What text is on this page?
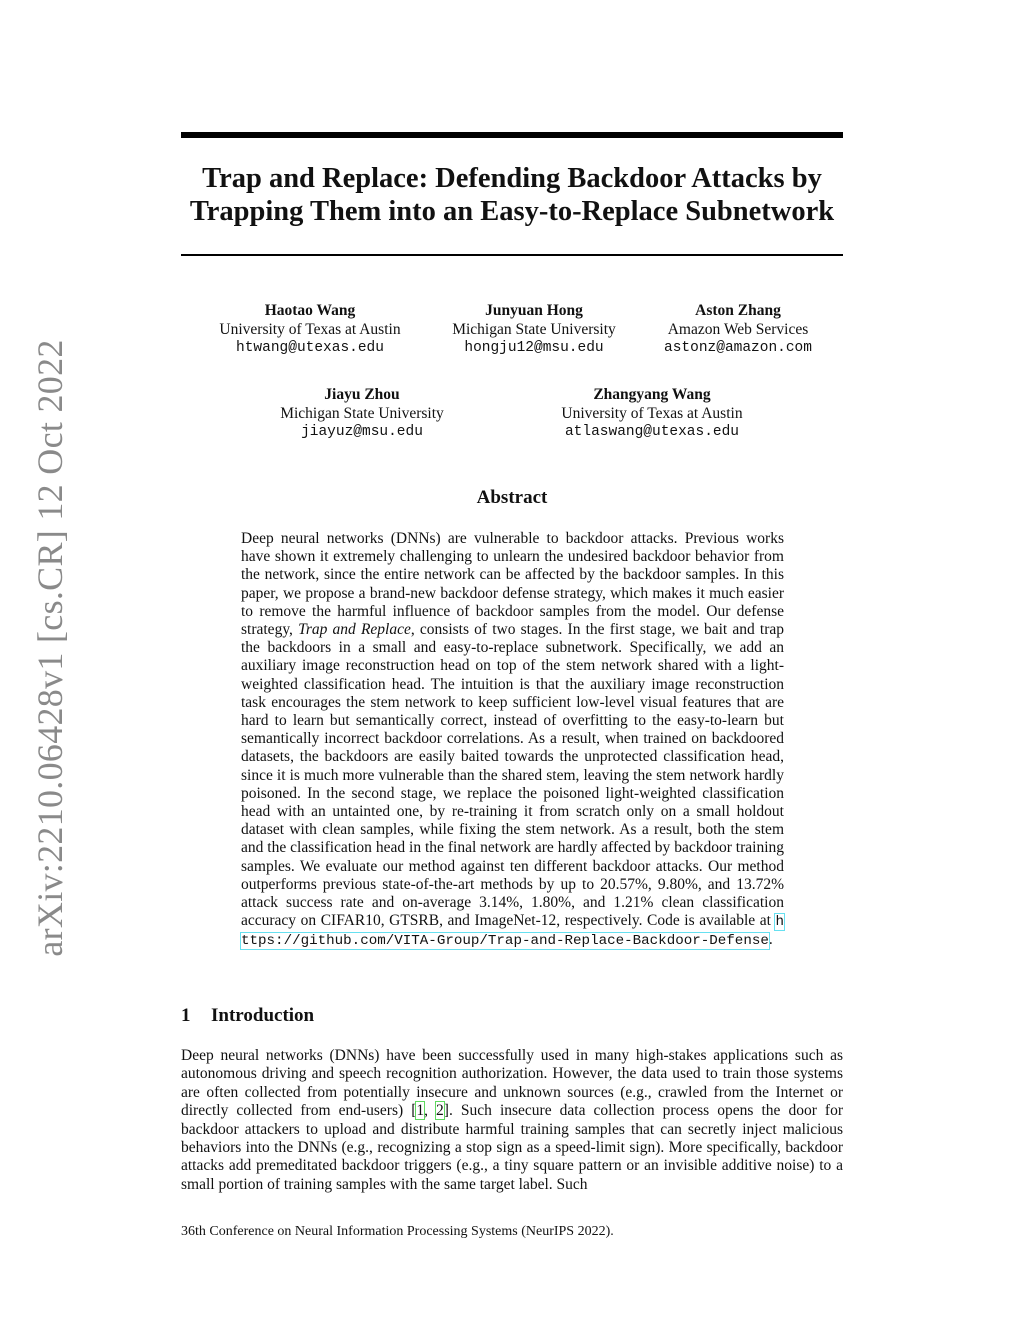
arXiv:2210.06428v1 [cs.CR] 12 Oct 2022
Trap and Replace: Defending Backdoor Attacks by Trapping Them into an Easy-to-Replace Subnetwork
Haotao Wang
University of Texas at Austin
htwang@utexas.edu
Junyuan Hong
Michigan State University
hongju12@msu.edu
Aston Zhang
Amazon Web Services
astonz@amazon.com
Jiayu Zhou
Michigan State University
jiayuz@msu.edu
Zhangyang Wang
University of Texas at Austin
atlaswang@utexas.edu
Abstract
Deep neural networks (DNNs) are vulnerable to backdoor attacks. Previous works have shown it extremely challenging to unlearn the undesired backdoor behavior from the network, since the entire network can be affected by the backdoor samples. In this paper, we propose a brand-new backdoor defense strategy, which makes it much easier to remove the harmful influence of backdoor samples from the model. Our defense strategy, Trap and Replace, consists of two stages. In the first stage, we bait and trap the backdoors in a small and easy-to-replace subnetwork. Specifically, we add an auxiliary image reconstruction head on top of the stem network shared with a light-weighted classification head. The intuition is that the auxiliary image reconstruction task encourages the stem network to keep sufficient low-level visual features that are hard to learn but semantically correct, instead of overfitting to the easy-to-learn but semantically incorrect backdoor correlations. As a result, when trained on backdoored datasets, the backdoors are easily baited towards the unprotected classification head, since it is much more vulnerable than the shared stem, leaving the stem network hardly poisoned. In the second stage, we replace the poisoned light-weighted classification head with an untainted one, by re-training it from scratch only on a small holdout dataset with clean samples, while fixing the stem network. As a result, both the stem and the classification head in the final network are hardly affected by backdoor training samples. We evaluate our method against ten different backdoor attacks. Our method outperforms previous state-of-the-art methods by up to 20.57%, 9.80%, and 13.72% attack success rate and on-average 3.14%, 1.80%, and 1.21% clean classification accuracy on CIFAR10, GTSRB, and ImageNet-12, respectively. Code is available at https://github.com/VITA-Group/Trap-and-Replace-Backdoor-Defense.
1 Introduction
Deep neural networks (DNNs) have been successfully used in many high-stakes applications such as autonomous driving and speech recognition authorization. However, the data used to train those systems are often collected from potentially insecure and unknown sources (e.g., crawled from the Internet or directly collected from end-users) [1, 2]. Such insecure data collection process opens the door for backdoor attackers to upload and distribute harmful training samples that can secretly inject malicious behaviors into the DNNs (e.g., recognizing a stop sign as a speed-limit sign). More specifically, backdoor attacks add premeditated backdoor triggers (e.g., a tiny square pattern or an invisible additive noise) to a small portion of training samples with the same target label. Such
36th Conference on Neural Information Processing Systems (NeurIPS 2022).
